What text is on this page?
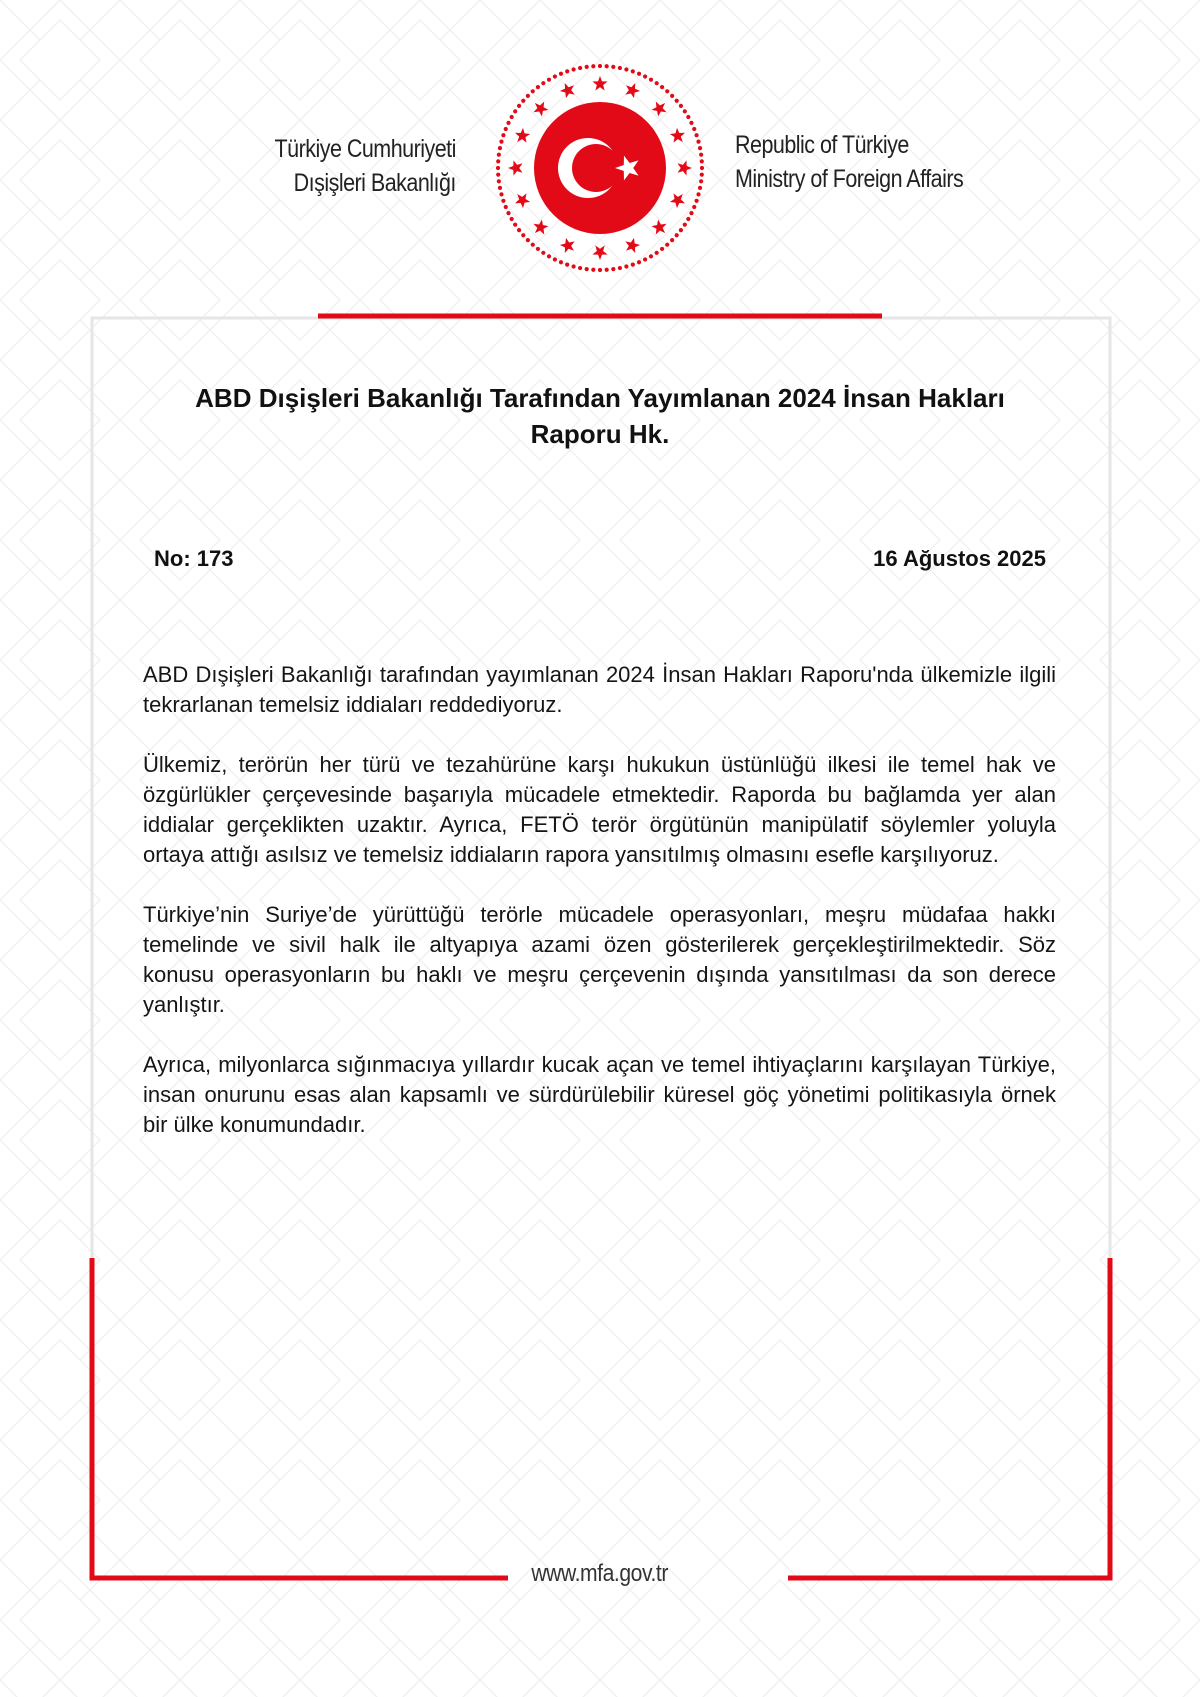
Türkiye Cumhuriyeti
Dışişleri Bakanlığı
Republic of Türkiye
Ministry of Foreign Affairs
ABD Dışişleri Bakanlığı Tarafından Yayımlanan 2024 İnsan Hakları
Raporu Hk.
No: 173	16 Ağustos 2025

ABD Dışişleri Bakanlığı tarafından yayımlanan 2024 İnsan Hakları Raporu'nda ülkemizle ilgili tekrarlanan temelsiz iddiaları reddediyoruz.

Ülkemiz, terörün her türü ve tezahürüne karşı hukukun üstünlüğü ilkesi ile temel hak ve özgürlükler çerçevesinde başarıyla mücadele etmektedir. Raporda bu bağlamda yer alan iddialar gerçeklikten uzaktır. Ayrıca, FETÖ terör örgütünün manipülatif söylemler yoluyla ortaya attığı asılsız ve temelsiz iddiaların rapora yansıtılmış olmasını esefle karşılıyoruz.

Türkiye’nin Suriye’de yürüttüğü terörle mücadele operasyonları, meşru müdafaa hakkı temelinde ve sivil halk ile altyapıya azami özen gösterilerek gerçekleştirilmektedir. Söz konusu operasyonların bu haklı ve meşru çerçevenin dışında yansıtılması da son derece yanlıştır.

Ayrıca, milyonlarca sığınmacıya yıllardır kucak açan ve temel ihtiyaçlarını karşılayan Türkiye, insan onurunu esas alan kapsamlı ve sürdürülebilir küresel göç yönetimi politikasıyla örnek bir ülke konumundadır.

www.mfa.gov.tr
